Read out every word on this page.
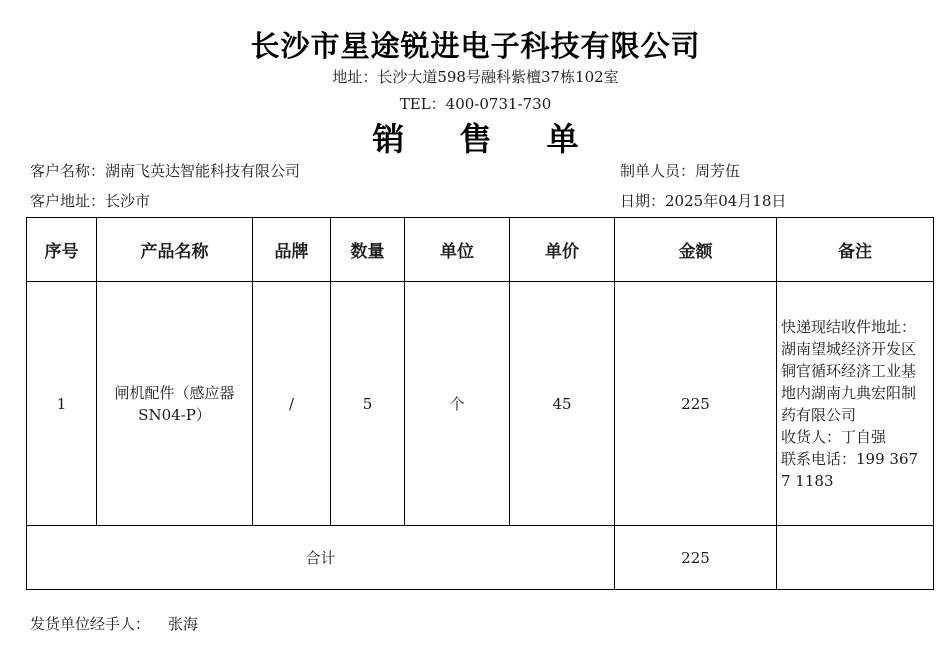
长沙市星途锐进电子科技有限公司
地址：长沙大道598号融科紫檀37栋102室
TEL：400-0731-730
销 售 单
客户名称：湖南飞英达智能科技有限公司
客户地址：长沙市
制单人员：周芳伍
日期：2025年04月18日
序号	产品名称	品牌	数量	单位	单价	金额	备注
1	闸机配件（感应器SN04-P）	/	5	个	45	225	快递现结收件地址：湖南望城经济开发区铜官循环经济工业基地内湖南九典宏阳制药有限公司
收货人：丁自强
联系电话：199 3677 1183

合计						225	
发货单位经手人： 张海
